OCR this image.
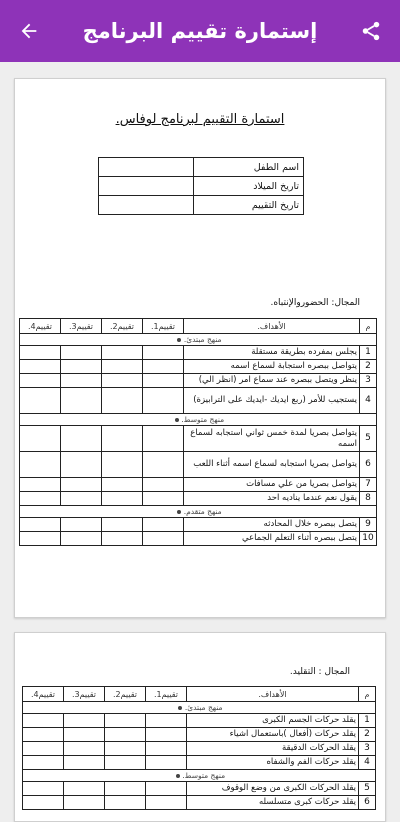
إستمارة تقييم البرنامج
استمارة التقييم لبرنامج لوفاس.
	اسم الطفل
	تاريخ الميلاد
	تاريخ التقييم
المجال: الحضوروالإنتباه.
تقييم4.	تقييم3.	تقييم2.	تقييم1.	الأهداف.	م
منهج مبتدئ.					
				يجلس بمفرده بطريقة مستقلة	1
				يتواصل ببصره استجابة لسماع اسمه	2
				ينظر ويتصل ببصره عند سماع امر (انظر الي)	3
				يستجيب للأمر (ربع ايديك -ايديك على الترابيزة)	4
منهج متوسط.					
				يتواصل بصريا لمدة خمس ثواني استجابه لسماع اسمه	5
				يتواصل بصريا استجابه لسماع اسمه أثناء اللعب	6
				يتواصل بصريا من علي مسافات	7
				يقول نعم عندما يناديه احد	8
منهج متقدم.					
				يتصل ببصره خلال المحادثه	9
				يتصل ببصره أثناء التعلم الجماعي	10
المجال : التقليد.
تقييم4.	تقييم3.	تقييم2.	تقييم1.	الأهداف.	م
منهج مبتدئ.					
				يقلد حركات الجسم الكبرى	1
				يقلد حركات (أفعال )باستعمال اشياء	2
				يقلد الحركات الدقيقة	3
				يقلد حركات الفم والشفاه	4
منهج متوسط.					
				يقلد الحركات الكبرى من وضع الوقوف	5
				يقلد حركات كبرى متسلسله	6
